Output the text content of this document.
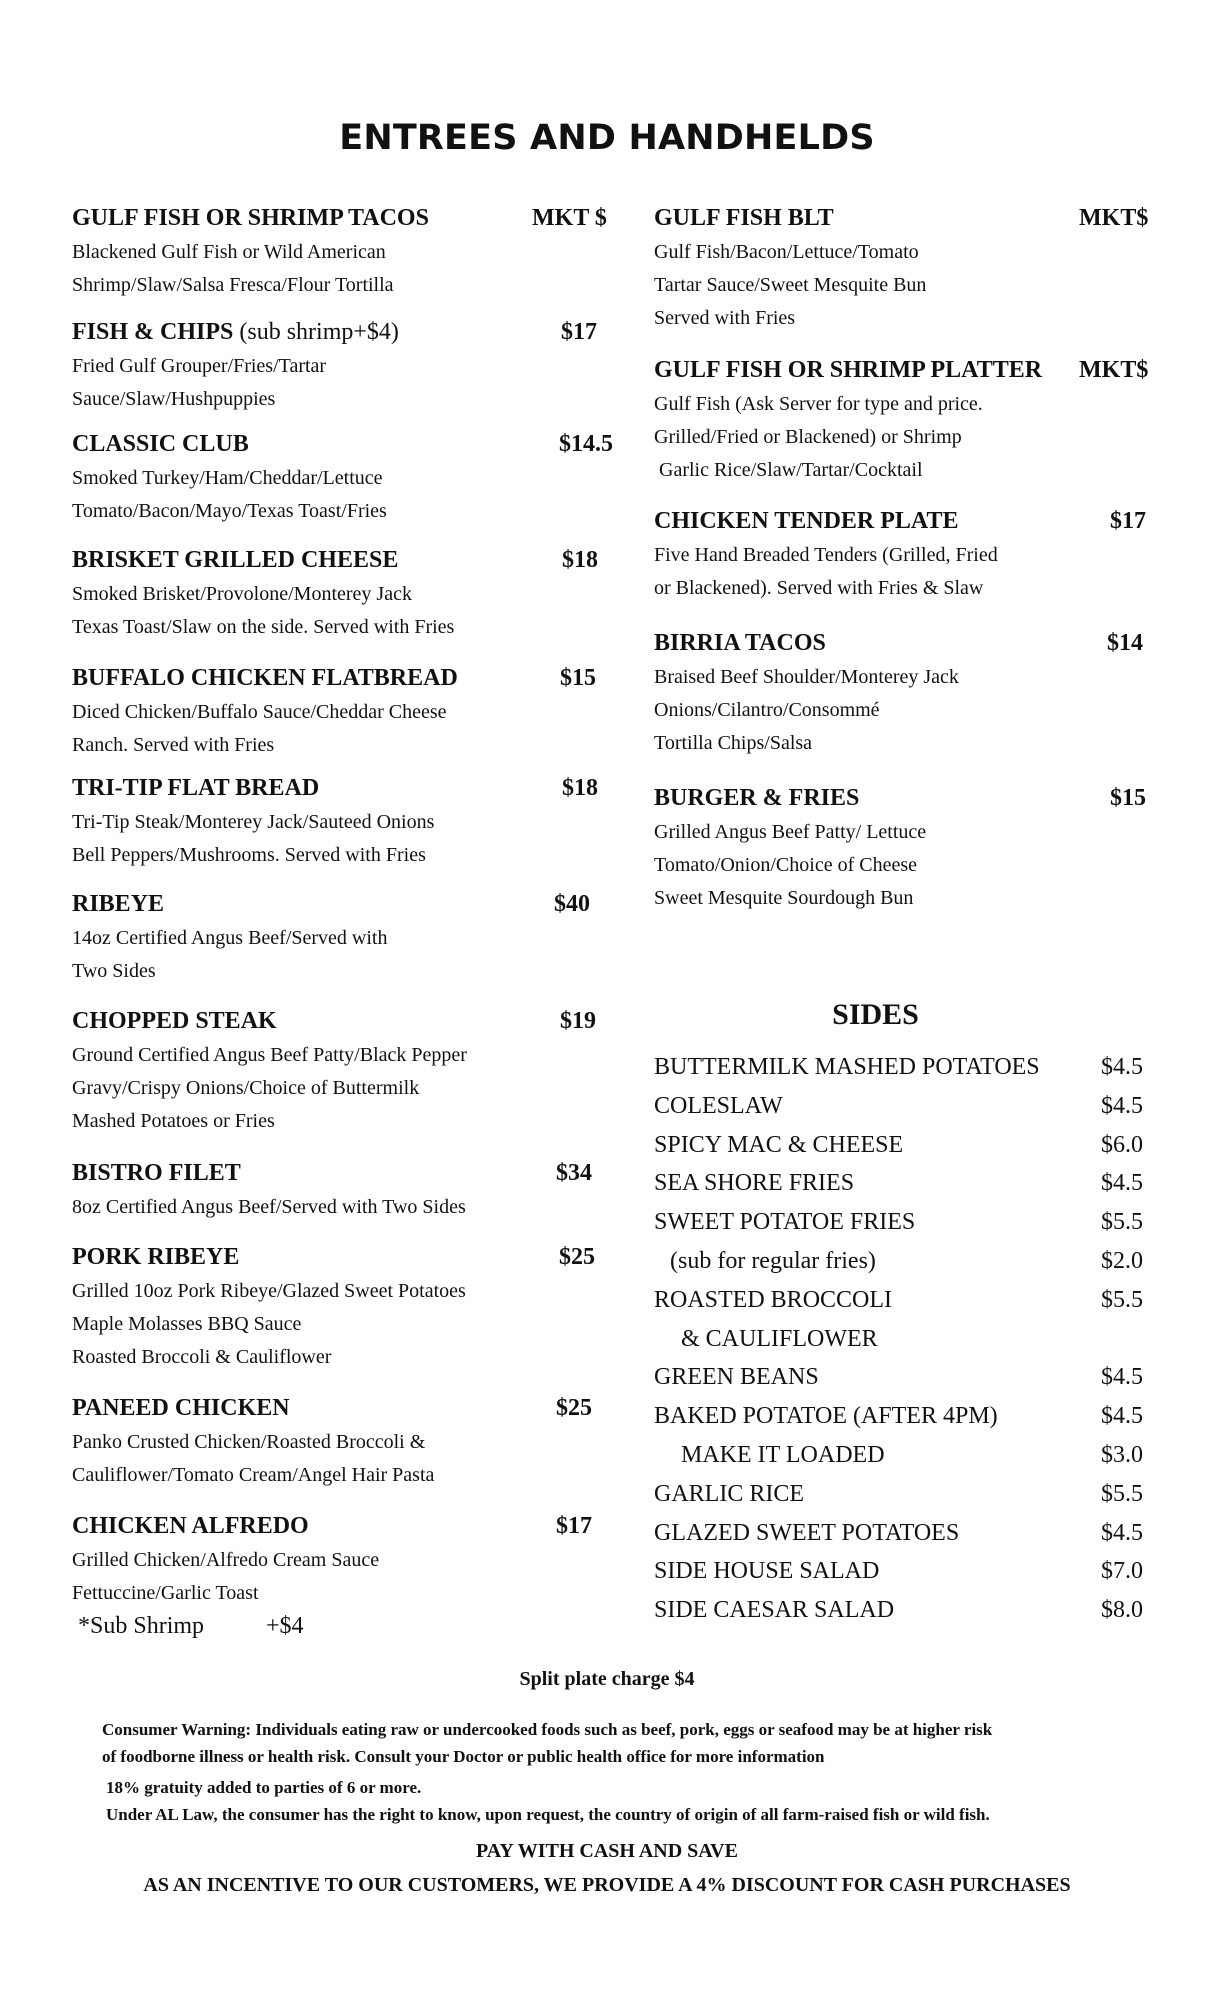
ENTREES AND HANDHELDS
GULF FISH OR SHRIMP TACOS	MKT $
Blackened Gulf Fish or Wild American
Shrimp/Slaw/Salsa Fresca/Flour Tortilla
FISH & CHIPS (sub shrimp+$4)	$17
Fried Gulf Grouper/Fries/Tartar
Sauce/Slaw/Hushpuppies
CLASSIC CLUB	$14.5
Smoked Turkey/Ham/Cheddar/Lettuce
Tomato/Bacon/Mayo/Texas Toast/Fries
BRISKET GRILLED CHEESE	$18
Smoked Brisket/Provolone/Monterey Jack
Texas Toast/Slaw on the side. Served with Fries
BUFFALO CHICKEN FLATBREAD	$15
Diced Chicken/Buffalo Sauce/Cheddar Cheese
Ranch. Served with Fries
TRI-TIP FLAT BREAD	$18
Tri-Tip Steak/Monterey Jack/Sauteed Onions
Bell Peppers/Mushrooms. Served with Fries
RIBEYE	$40
14oz Certified Angus Beef/Served with
Two Sides
CHOPPED STEAK	$19
Ground Certified Angus Beef Patty/Black Pepper
Gravy/Crispy Onions/Choice of Buttermilk
Mashed Potatoes or Fries
BISTRO FILET	$34
8oz Certified Angus Beef/Served with Two Sides
PORK RIBEYE	$25
Grilled 10oz Pork Ribeye/Glazed Sweet Potatoes
Maple Molasses BBQ Sauce
Roasted Broccoli & Cauliflower
PANEED CHICKEN	$25
Panko Crusted Chicken/Roasted Broccoli &
Cauliflower/Tomato Cream/Angel Hair Pasta
CHICKEN ALFREDO	$17
Grilled Chicken/Alfredo Cream Sauce
Fettuccine/Garlic Toast
*Sub Shrimp	+$4
GULF FISH BLT	MKT$
Gulf Fish/Bacon/Lettuce/Tomato
Tartar Sauce/Sweet Mesquite Bun
Served with Fries
GULF FISH OR SHRIMP PLATTER MKT$
Gulf Fish (Ask Server for type and price.
Grilled/Fried or Blackened) or Shrimp
Garlic Rice/Slaw/Tartar/Cocktail
CHICKEN TENDER PLATE	$17
Five Hand Breaded Tenders (Grilled, Fried
or Blackened). Served with Fries & Slaw
BIRRIA TACOS	$14
Braised Beef Shoulder/Monterey Jack
Onions/Cilantro/Consommé
Tortilla Chips/Salsa
BURGER & FRIES	$15
Grilled Angus Beef Patty/ Lettuce
Tomato/Onion/Choice of Cheese
Sweet Mesquite Sourdough Bun
SIDES
BUTTERMILK MASHED POTATOES	$4.5
COLESLAW	$4.5
SPICY MAC & CHEESE	$6.0
SEA SHORE FRIES	$4.5
SWEET POTATOE FRIES	$5.5
(sub for regular fries)	$2.0
ROASTED BROCCOLI	$5.5
& CAULIFLOWER
GREEN BEANS	$4.5
BAKED POTATOE (AFTER 4PM)	$4.5
MAKE IT LOADED	$3.0
GARLIC RICE	$5.5
GLAZED SWEET POTATOES	$4.5
SIDE HOUSE SALAD	$7.0
SIDE CAESAR SALAD	$8.0
Split plate charge $4
Consumer Warning: Individuals eating raw or undercooked foods such as beef, pork, eggs or seafood may be at higher risk
of foodborne illness or health risk. Consult your Doctor or public health office for more information
18% gratuity added to parties of 6 or more.
Under AL Law, the consumer has the right to know, upon request, the country of origin of all farm-raised fish or wild fish.
PAY WITH CASH AND SAVE
AS AN INCENTIVE TO OUR CUSTOMERS, WE PROVIDE A 4% DISCOUNT FOR CASH PURCHASES
